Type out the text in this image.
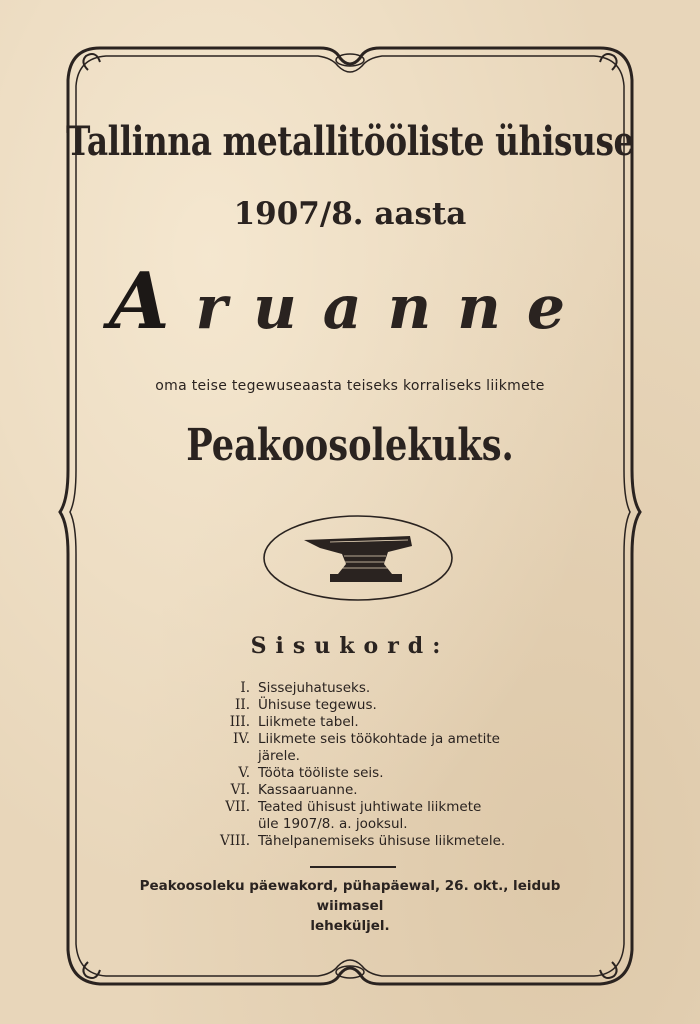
Tallinna metallitööliste ühisuse
1907/8. aasta
Aruanne
oma teise tegewuseaasta teiseks korraliseks liikmete
Peakoosolekuks.
Sisukord:
I. Sissejuhatuseks.
II. Ühisuse tegewus.
III. Liikmete tabel.
IV. Liikmete seis töökohtade ja ametite
järele.
V. Tööta tööliste seis.
VI. Kassaaruanne.
VII. Teated ühisust juhtiwate liikmete
üle 1907/8. a. jooksul.
VIII. Tähelpanemiseks ühisuse liikmetele.
Peakoosoleku päewakord, pühapäewal, 26. okt., leidub wiimasel
leheküljel.
